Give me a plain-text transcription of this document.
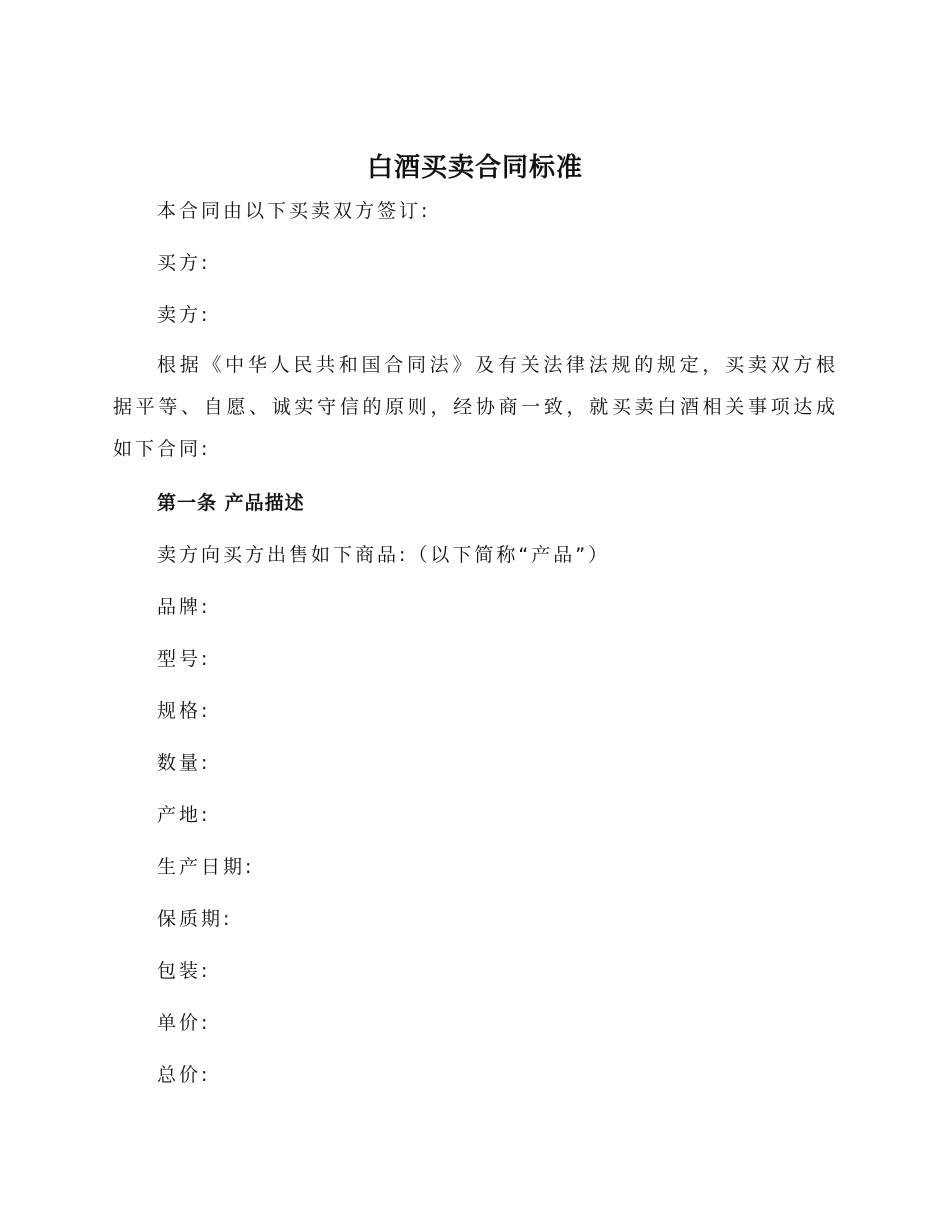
白酒买卖合同标准

本合同由以下买卖双方签订:

买方:

卖方:

根据《中华人民共和国合同法》及有关法律法规的规定，买卖双方根据平等、自愿、诚实守信的原则，经协商一致，就买卖白酒相关事项达成如下合同:

第一条 产品描述

卖方向买方出售如下商品:（以下简称“产品”）

品牌:

型号:

规格:

数量:

产地:

生产日期:

保质期:

包装:

单价:

总价:
